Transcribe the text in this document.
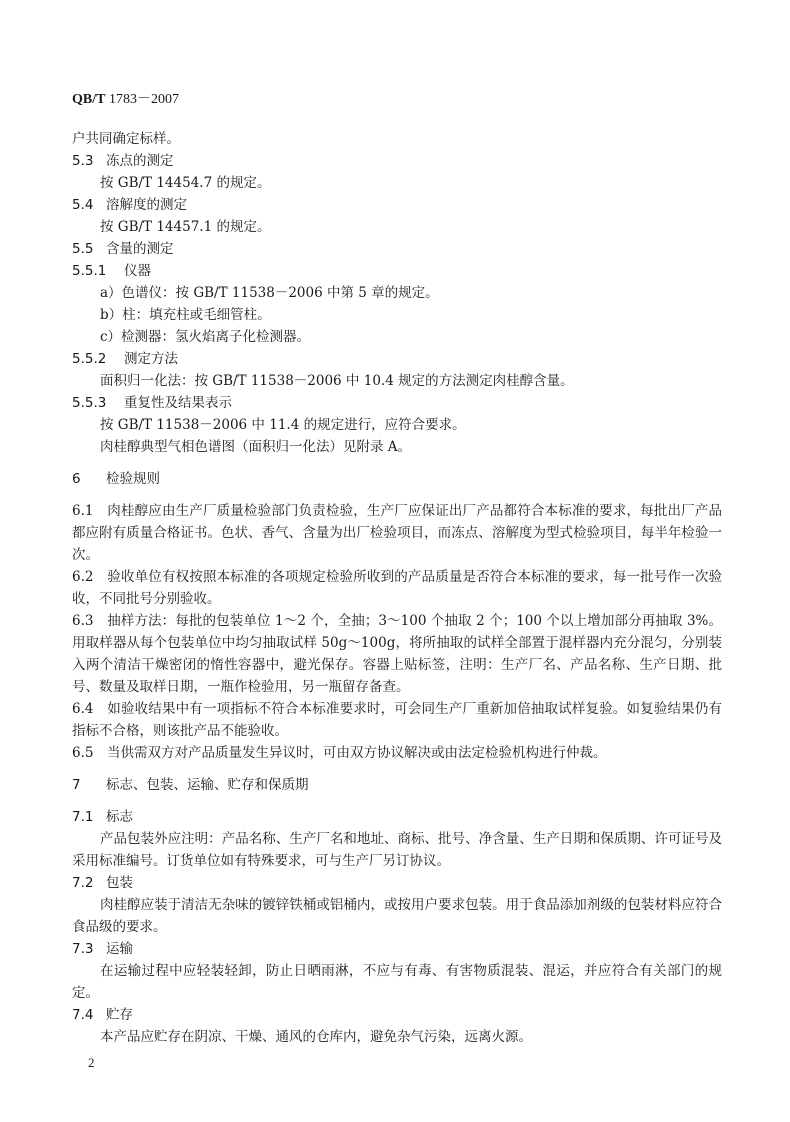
QB/T 1783－2007

户共同确定标样。

5.3 冻点的测定

按 GB/T 14454.7 的规定。

5.4 溶解度的测定

按 GB/T 14457.1 的规定。

5.5 含量的测定

5.5.1 仪器

a）色谱仪：按 GB/T 11538－2006 中第 5 章的规定。

b）柱：填充柱或毛细管柱。

c）检测器：氢火焰离子化检测器。

5.5.2 测定方法

面积归一化法：按 GB/T 11538－2006 中 10.4 规定的方法测定肉桂醇含量。

5.5.3 重复性及结果表示

按 GB/T 11538－2006 中 11.4 的规定进行，应符合要求。

肉桂醇典型气相色谱图（面积归一化法）见附录 A。

6 检验规则

6.1　肉桂醇应由生产厂质量检验部门负责检验，生产厂应保证出厂产品都符合本标准的要求，每批出厂产品都应附有质量合格证书。色状、香气、含量为出厂检验项目，而冻点、溶解度为型式检验项目，每半年检验一次。

6.2　验收单位有权按照本标准的各项规定检验所收到的产品质量是否符合本标准的要求，每一批号作一次验收，不同批号分别验收。

6.3　抽样方法：每批的包装单位 1～2 个，全抽；3～100 个抽取 2 个；100 个以上增加部分再抽取 3%。用取样器从每个包装单位中均匀抽取试样 50g～100g，将所抽取的试样全部置于混样器内充分混匀，分别装入两个清洁干燥密闭的惰性容器中，避光保存。容器上贴标签，注明：生产厂名、产品名称、生产日期、批号、数量及取样日期，一瓶作检验用，另一瓶留存备查。

6.4　如验收结果中有一项指标不符合本标准要求时，可会同生产厂重新加倍抽取试样复验。如复验结果仍有指标不合格，则该批产品不能验收。

6.5　当供需双方对产品质量发生异议时，可由双方协议解决或由法定检验机构进行仲裁。

7 标志、包装、运输、贮存和保质期

7.1 标志

产品包装外应注明：产品名称、生产厂名和地址、商标、批号、净含量、生产日期和保质期、许可证号及采用标准编号。订货单位如有特殊要求，可与生产厂另订协议。

7.2 包装

肉桂醇应装于清洁无杂味的镀锌铁桶或铝桶内，或按用户要求包装。用于食品添加剂级的包装材料应符合食品级的要求。

7.3 运输

在运输过程中应轻装轻卸，防止日晒雨淋，不应与有毒、有害物质混装、混运，并应符合有关部门的规定。

7.4 贮存

本产品应贮存在阴凉、干燥、通风的仓库内，避免杂气污染，远离火源。

2
